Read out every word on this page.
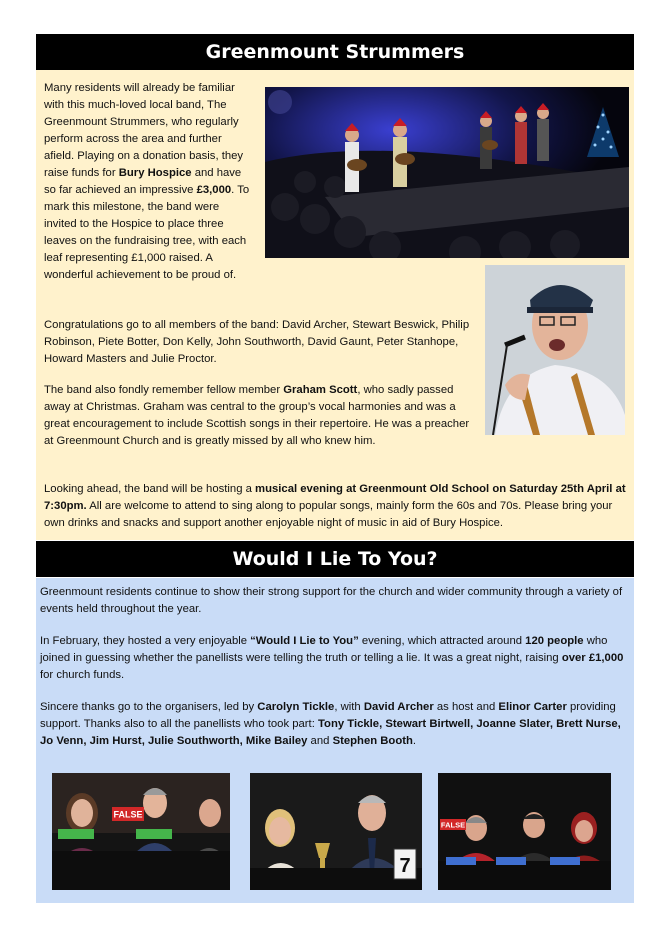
Greenmount Strummers

Many residents will already be familiar with this much-loved local band, The Greenmount Strummers, who regularly perform across the area and further afield. Playing on a donation basis, they raise funds for Bury Hospice and have so far achieved an impressive £3,000. To mark this milestone, the band were invited to the Hospice to place three leaves on the fundraising tree, with each leaf representing £1,000 raised. A wonderful achievement to be proud of.

Congratulations go to all members of the band: David Archer, Stewart Beswick, Philip Robinson, Piete Botter, Don Kelly, John Southworth, David Gaunt, Peter Stanhope, Howard Masters and Julie Proctor.

The band also fondly remember fellow member Graham Scott, who sadly passed away at Christmas. Graham was central to the group’s vocal harmonies and was a great encouragement to include Scottish songs in their repertoire. He was a preacher at Greenmount Church and is greatly missed by all who knew him.

Looking ahead, the band will be hosting a musical evening at Greenmount Old School on Saturday 25th April at 7:30pm. All are welcome to attend to sing along to popular songs, mainly form the 60s and 70s. Please bring your own drinks and snacks and support another enjoyable night of music in aid of Bury Hospice.

Would I Lie To You?

Greenmount residents continue to show their strong support for the church and wider community through a variety of events held throughout the year.

In February, they hosted a very enjoyable “Would I Lie to You” evening, which attracted around 120 people who joined in guessing whether the panellists were telling the truth or telling a lie. It was a great night, raising over £1,000 for church funds.

Sincere thanks go to the organisers, led by Carolyn Tickle, with David Archer as host and Elinor Carter providing support. Thanks also to all the panellists who took part: Tony Tickle, Stewart Birtwell, Joanne Slater, Brett Nurse, Jo Venn, Jim Hurst, Julie Southworth, Mike Bailey and Stephen Booth.

FALSE
7
FALSE
